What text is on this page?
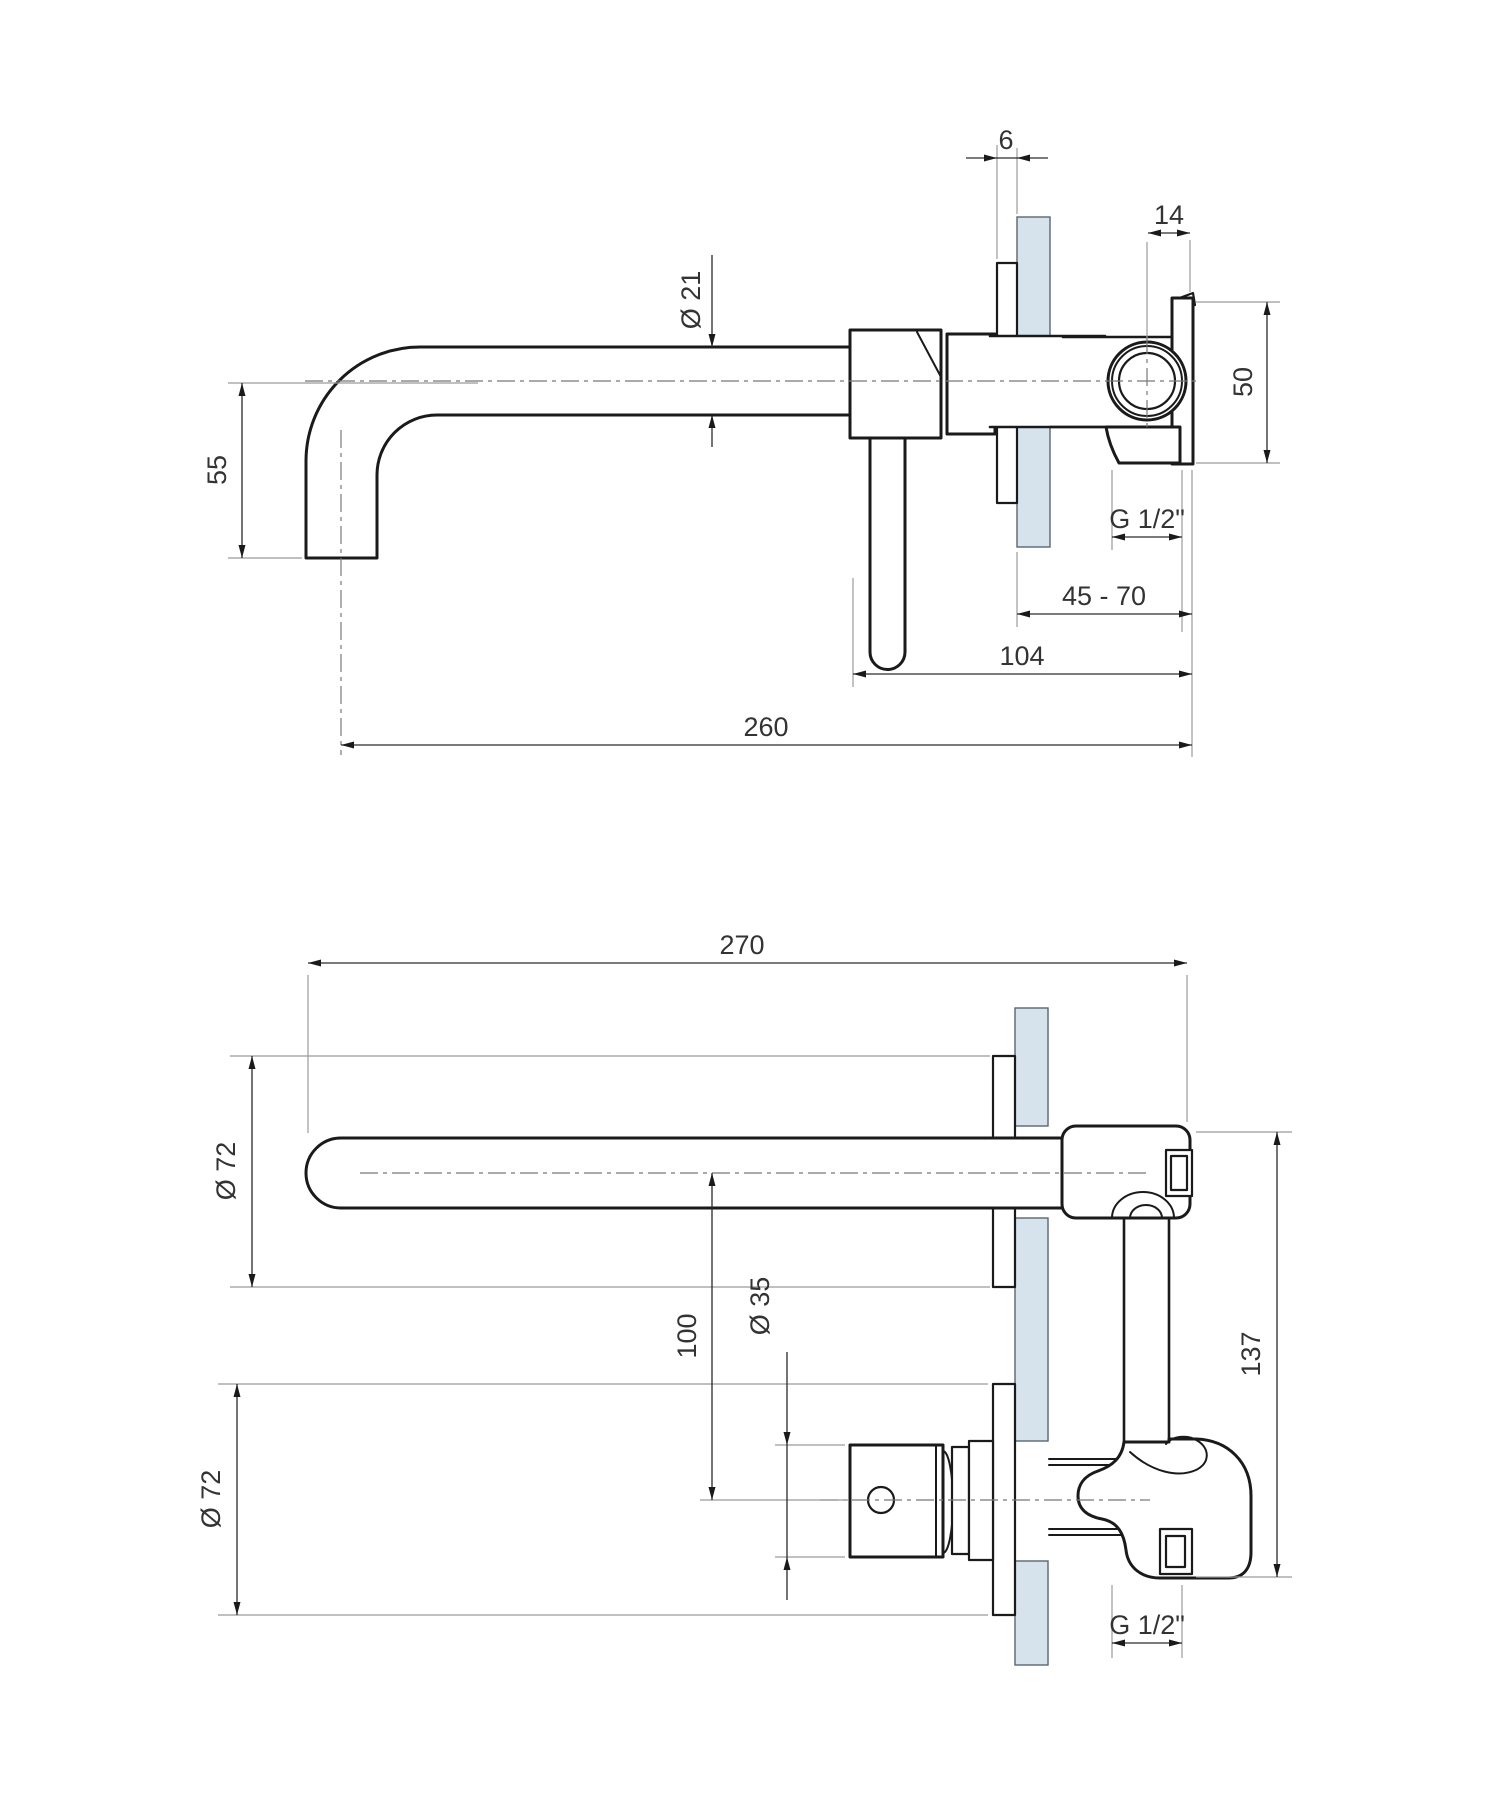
6
14
Ø 21
55
50
G 1/2"
45 - 70
104
260
270
Ø 72
100
Ø 35
Ø 72
137
G 1/2"
